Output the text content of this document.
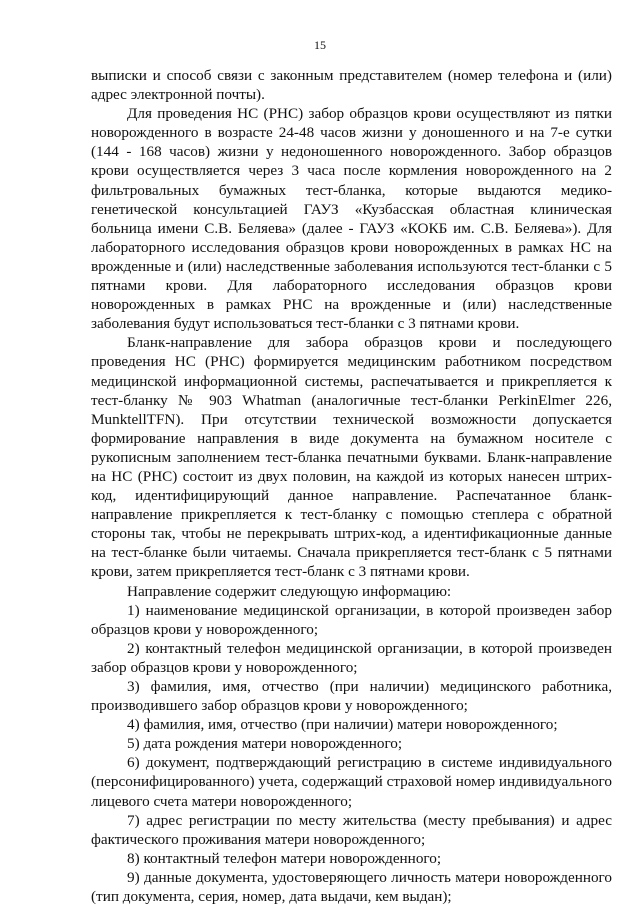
15

выписки и способ связи с законным представителем (номер телефона и (или) адрес электронной почты).

Для проведения НС (РНС) забор образцов крови осуществляют из пятки новорожденного в возрасте 24-48 часов жизни у доношенного и на 7-е сутки (144 - 168 часов) жизни у недоношенного новорожденного. Забор образцов крови осуществляется через 3 часа после кормления новорожденного на 2 фильтровальных бумажных тест-бланка, которые выдаются медико-генетической консультацией ГАУЗ «Кузбасская областная клиническая больница имени С.В. Беляева» (далее - ГАУЗ «КОКБ им. С.В. Беляева»). Для лабораторного исследования образцов крови новорожденных в рамках НС на врожденные и (или) наследственные заболевания используются тест-бланки с 5 пятнами крови. Для лабораторного исследования образцов крови новорожденных в рамках РНС на врожденные и (или) наследственные заболевания будут использоваться тест-бланки с 3 пятнами крови.

Бланк-направление для забора образцов крови и последующего проведения НС (РНС) формируется медицинским работником посредством медицинской информационной системы, распечатывается и прикрепляется к тест-бланку № 903 Whatman (аналогичные тест-бланки PerkinElmer 226, MunktellTFN). При отсутствии технической возможности допускается формирование направления в виде документа на бумажном носителе с рукописным заполнением тест-бланка печатными буквами. Бланк-направление на НС (РНС) состоит из двух половин, на каждой из которых нанесен штрих-код, идентифицирующий данное направление. Распечатанное бланк-направление прикрепляется к тест-бланку с помощью степлера с обратной стороны так, чтобы не перекрывать штрих-код, а идентификационные данные на тест-бланке были читаемы. Сначала прикрепляется тест-бланк с 5 пятнами крови, затем прикрепляется тест-бланк с 3 пятнами крови.

Направление содержит следующую информацию:

1) наименование медицинской организации, в которой произведен забор образцов крови у новорожденного;

2) контактный телефон медицинской организации, в которой произведен забор образцов крови у новорожденного;

3) фамилия, имя, отчество (при наличии) медицинского работника, производившего забор образцов крови у новорожденного;

4) фамилия, имя, отчество (при наличии) матери новорожденного;

5) дата рождения матери новорожденного;

6) документ, подтверждающий регистрацию в системе индивидуального (персонифицированного) учета, содержащий страховой номер индивидуального лицевого счета матери новорожденного;

7) адрес регистрации по месту жительства (месту пребывания) и адрес фактического проживания матери новорожденного;

8) контактный телефон матери новорожденного;

9) данные документа, удостоверяющего личность матери новорожденного (тип документа, серия, номер, дата выдачи, кем выдан);
